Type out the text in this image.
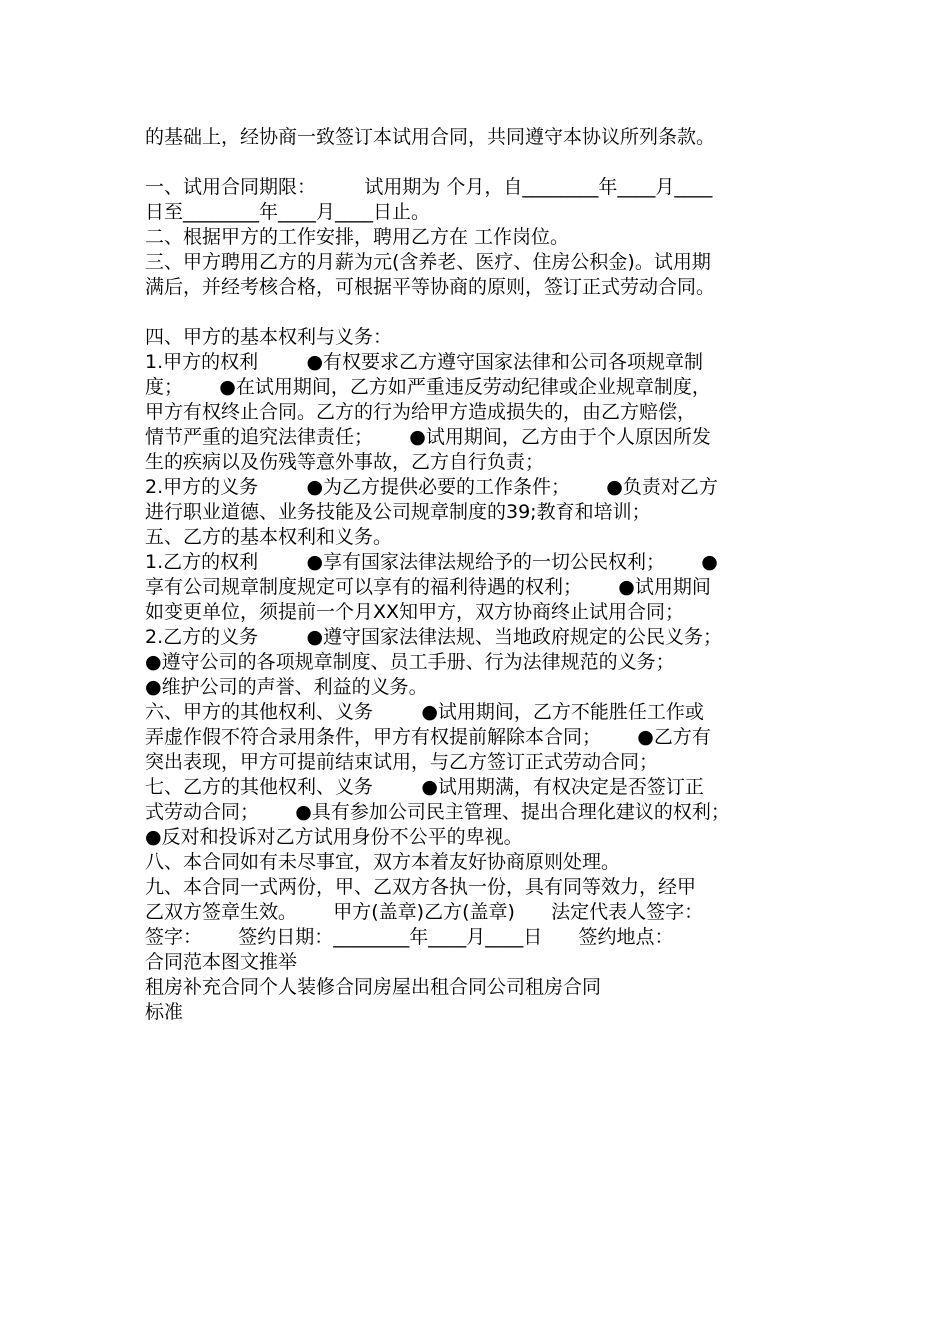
的基础上，经协商一致签订本试用合同，共同遵守本协议所列条款。

一、试用合同期限：        试用期为 个月，自________年____月____

日至________年____月____日止。

二、根据甲方的工作安排，聘用乙方在 工作岗位。

三、甲方聘用乙方的月薪为元(含养老、医疗、住房公积金)。试用期

满后，并经考核合格，可根据平等协商的原则，签订正式劳动合同。

四、甲方的基本权利与义务：

1.甲方的权利        ●有权要求乙方遵守国家法律和公司各项规章制

度；      ●在试用期间，乙方如严重违反劳动纪律或企业规章制度，

甲方有权终止合同。乙方的行为给甲方造成损失的，由乙方赔偿，

情节严重的追究法律责任；      ●试用期间，乙方由于个人原因所发

生的疾病以及伤残等意外事故，乙方自行负责；

2.甲方的义务        ●为乙方提供必要的工作条件；      ●负责对乙方

进行职业道德、业务技能及公司规章制度的39;教育和培训；

五、乙方的基本权利和义务。

1.乙方的权利        ●享有国家法律法规给予的一切公民权利；      ●

享有公司规章制度规定可以享有的福利待遇的权利；      ●试用期间

如变更单位，须提前一个月XX知甲方，双方协商终止试用合同；

2.乙方的义务        ●遵守国家法律法规、当地政府规定的公民义务；

●遵守公司的各项规章制度、员工手册、行为法律规范的义务；

●维护公司的声誉、利益的义务。

六、甲方的其他权利、义务        ●试用期间，乙方不能胜任工作或

弄虚作假不符合录用条件，甲方有权提前解除本合同；      ●乙方有

突出表现，甲方可提前结束试用，与乙方签订正式劳动合同；

七、乙方的其他权利、义务        ●试用期满，有权决定是否签订正

式劳动合同；      ●具有参加公司民主管理、提出合理化建议的权利；

●反对和投诉对乙方试用身份不公平的卑视。

八、本合同如有未尽事宜，双方本着友好协商原则处理。

九、本合同一式两份，甲、乙双方各执一份，具有同等效力，经甲

乙双方签章生效。      甲方(盖章)乙方(盖章)      法定代表人签字：

签字：      签约日期：________年____月____日      签约地点：

合同范本图文推举

租房补充合同个人装修合同房屋出租合同公司租房合同

标准
